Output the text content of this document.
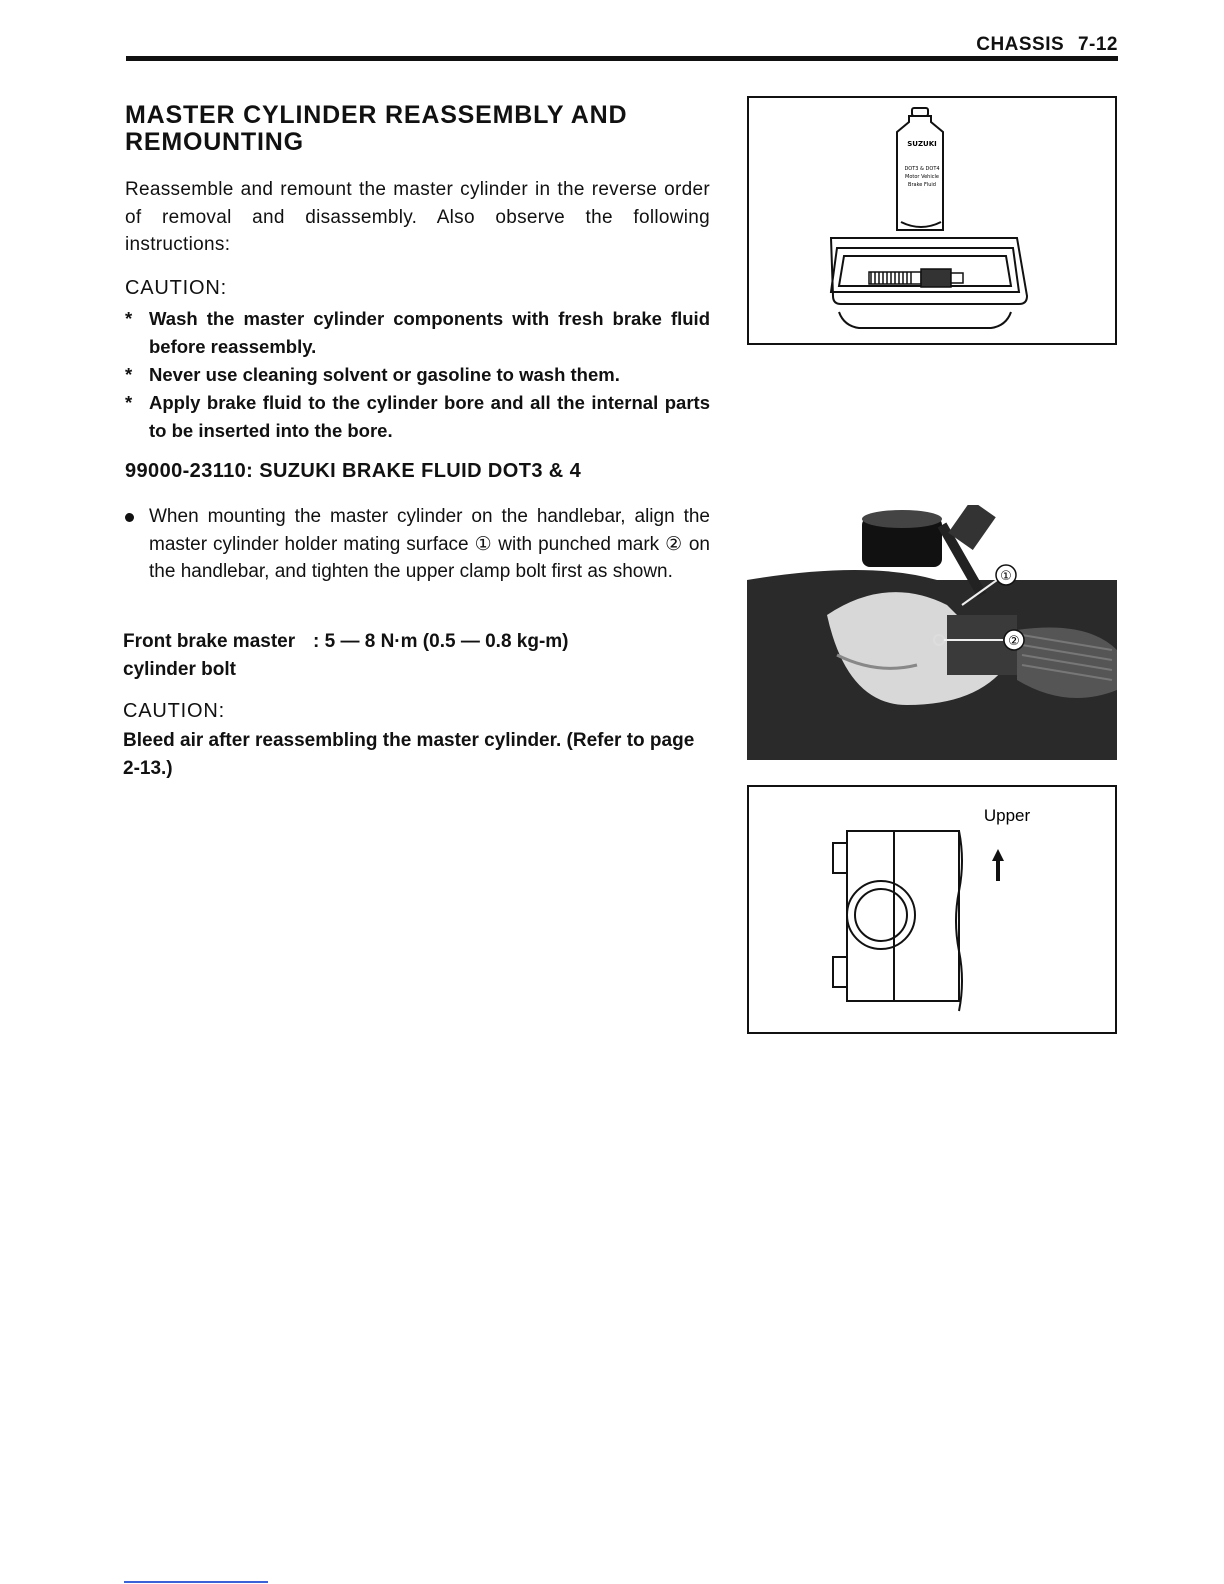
CHASSIS 7-12
MASTER CYLINDER REASSEMBLY AND
REMOUNTING

Reassemble and remount the master cylinder in the reverse order of removal and disassembly. Also observe the following instructions:

CAUTION:
* Wash the master cylinder components with fresh brake fluid before reassembly.
* Never use cleaning solvent or gasoline to wash them.
* Apply brake fluid to the cylinder bore and all the internal parts to be inserted into the bore.
99000-23110: SUZUKI BRAKE FLUID DOT3 & 4
When mounting the master cylinder on the handlebar, align the master cylinder holder mating surface ① with punched mark ② on the handlebar, and tighten the upper clamp bolt first as shown.
Front brake master : 5 — 8 N·m (0.5 — 0.8 kg-m)
cylinder bolt
CAUTION:

Bleed air after reassembling the master cylinder. (Refer to page 2-13.)

SUZUKI
DOT3 & DOT4
Motor Vehicle
Brake Fluid
①
②
Upper
